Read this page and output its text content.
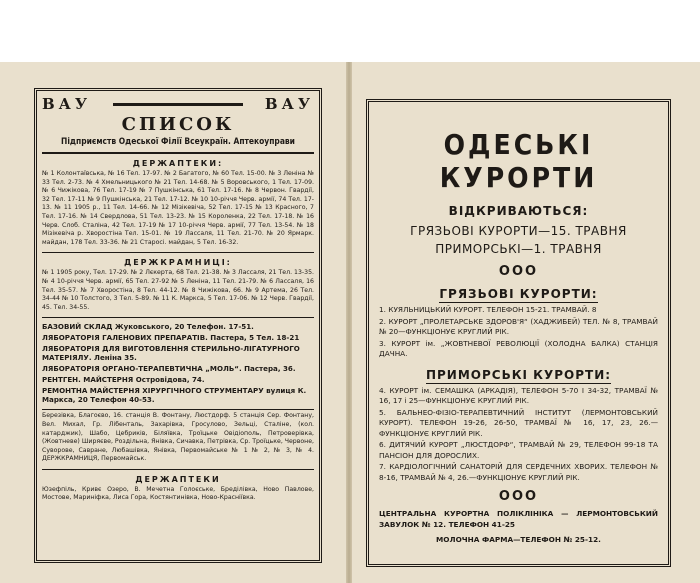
ВАУ	ВАУ
СПИСОК
Підприємств Одеської Філії Всеукраїн. Аптекоуправи
ДЕРЖАПТЕКИ:
№ 1 Колонтаївська, № 16 Тел. 17-97. № 2 Багатого, № 60 Тел. 15-00. № 3 Леніна № 33 Тел. 2-73. № 4 Хмельницького № 21 Тел. 14-68. № 5 Воровського, 1 Тел. 17-09. № 6 Чижікова, 76 Тел. 17-19 № 7 Пушкінська, 61 Тел. 17-16. № 8 Червон. Гвардії, 32 Тел. 17-11 № 9 Пушкінська, 21 Тел. 17-12. № 10 10-річчя Черв. армії, 74 Тел. 17-13. № 11 1905 р., 11 Тел. 14-66. № 12 Мізікевіча, 52 Тел. 17-15 № 13 Красного, 7 Тел. 17-16. № 14 Свердлова, 51 Тел. 13-23. № 15 Короленка, 22 Тел. 17-18. № 16 Черв. Слоб. Сталіна, 42 Тел. 17-19 № 17 10-річчя Черв. армії, 77 Тел. 13-54. № 18 Мізікевіча р. Хворостіна Тел. 15-01. № 19 Лассаля, 11 Тел. 21-70. № 20 Ярмарк. майдан, 178 Тел. 33-36. № 21 Старосі. майдан, 5 Тел. 16-32.
ДЕРЖКРАМНИЦІ:
№ 1 1905 року, Тел. 17-29. № 2 Лєкерта, 68 Тел. 21-38. № 3 Лассаля, 21 Тел. 13-35. № 4 10-річчя Черв. армії, 65 Тел. 27-92 № 5 Леніна, 11 Тел. 21-79. № 6 Лассаля, 16 Тел. 35-57. № 7 Хворостіна, 8 Тел. 44-12. № 8 Чижікова, 66. № 9 Артема, 26 Тел. 34-44 № 10 Толстого, 3 Тел. 5-89. № 11 К. Маркса, 5 Тел. 17-06. № 12 Черв. Гвардії, 45. Тел. 34-55.
БАЗОВИЙ СКЛАД Жуковського, 20 Телефон. 17-51.
ЛЯБОРАТОРІЯ ГАЛЕНОВИХ ПРЕПАРАТІВ. Пастера, 5 Тел. 18-21
ЛЯБОРАТОРІЯ ДЛЯ ВИГОТОВЛЕННЯ СТЕРИЛЬНО-ЛІГАТУРНОГО МАТЕРІЯЛУ. Леніна 35.
ЛЯБОРАТОРІЯ ОРГАНО-ТЕРАПЕВТИЧНА „МОЛЬ“. Пастера, 36.
РЕНТГЕН. МАЙСТЕРНЯ Островідова, 74.
РЕМОНТНА МАЙСТЕРНЯ ХІРУРГІЧНОГО СТРУМЕНТАРУ вулиця К. Маркса, 20 Телефон 40-53.
Березівка, Благоєво, 16. станція В. Фонтану, Люстдорф. 5 станція Сер. Фонтану, Вел. Михал, Гр. Лібенталь, Захарівка, Гросулово, Зельці, Сталіне, (кол. катарджик), Шабо, Цебриків, Біляївка, Троїцьке Овідіополь, Петроверівка, (Жовтневе) Ширяєве, Роздільна, Янівка, Сичавка, Петрівка, Ср. Троїцьке, Червоне, Суворове, Савране, Любашівка, Янівка, Первомайське № 1 № 2, № 3, № 4. ДЕРЖКРАМНИЦЯ, Первомайськ.
ДЕРЖАПТЕКИ
Юзефпіль, Кривє Озеро, В. Мечетна Голоєське, Бреділівка, Ново Павлове, Мостове, Мариніфка, Лиса Гора, Костянтинівка, Ново-Красніївка.
ОДЕСЬКІ КУРОРТИ
ВІДКРИВАЮТЬСЯ:
ГРЯЗЬОВІ КУРОРТИ—15. ТРАВНЯ
ПРИМОРСЬКІ—1. ТРАВНЯ
ООО
ГРЯЗЬОВІ КУРОРТИ:
1. КУЯЛЬНИЦЬКИЙ КУРОРТ. ТЕЛЕФОН 15-21. ТРАМВАЙ. 8
2. КУРОРТ „ПРОЛЕТАРСЬКЕ ЗДОРОВ'Я“ (ХАДЖИБЕЙ) ТЕЛ. № 8, ТРАМВАЙ № 20—ФУНКЦІОНУЄ КРУГЛИЙ РІК.
3. КУРОРТ ім. „ЖОВТНЕВОЇ РЕВОЛЮЦІЇ (ХОЛОДНА БАЛКА) СТАНЦІЯ ДАЧНА.
ПРИМОРСЬКІ КУРОРТИ:
4. КУРОРТ ім. СЕМАШКА (АРКАДІЯ), ТЕЛЕФОН 5-70 І 34-32, ТРАМВАЇ № 16, 17 і 25—ФУНКЦІОНУЄ КРУГЛИЙ РІК.
5. БАЛЬНЕО-ФІЗІО-ТЕРАПЕВТИЧНИЙ ІНСТИТУТ (ЛЕРМОНТОВСЬКИЙ КУРОРТ). ТЕЛЕФОН 19-26, 26-50, ТРАМВАЇ № 16, 17, 23, 26.—ФУНКЦІОНУЄ КРУГЛИЙ РІК.
6. ДИТЯЧИЙ КУРОРТ „ЛЮСТДОРФ“, ТРАМВАЙ № 29, ТЕЛЕФОН 99-18 ТА ПАНСІОН ДЛЯ ДОРОСЛИХ.
7. КАРДІОЛОГІЧНИЙ САНАТОРІЙ ДЛЯ СЕРДЕЧНИХ ХВОРИХ. ТЕЛЕФОН № 8-16, ТРАМВАЙ № 4, 26.—ФУНКЦІОНУЄ КРУГЛИЙ РІК.
ООО
ЦЕНТРАЛЬНА КУРОРТНА ПОЛІКЛІНІКА — ЛЕРМОНТОВСЬКИЙ ЗАВУЛОК № 12. ТЕЛЕФОН 41-25
МОЛОЧНА ФАРМА—ТЕЛЕФОН № 25-12.
